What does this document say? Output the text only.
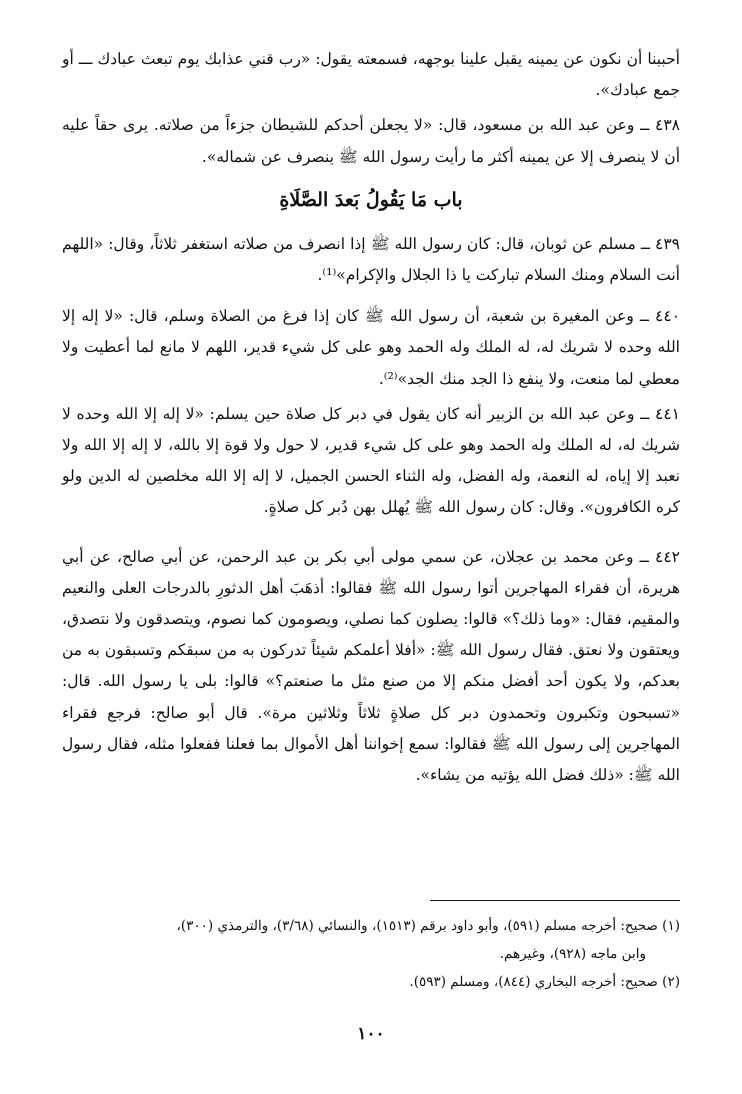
أحببنا أن نكون عن يمينه يقبل علينا بوجهه، فسمعته يقول: «رب قني عذابك يوم تبعث عبادك ـــ أو جمع عبادك».

٤٣٨ ــ وعن عبد الله بن مسعود، قال: «لا يجعلن أحدكم للشيطان جزءاً من صلاته. يرى حقاً عليه أن لا ينصرف إلا عن يمينه أكثر ما رأيت رسول الله ﷺ ينصرف عن شماله».

باب مَا يَقُولُ بَعدَ الصَّلَاةِ

٤٣٩ ــ مسلم عن ثوبان، قال: كان رسول الله ﷺ إذا انصرف من صلاته استغفر ثلاثاً، وقال: «اللهم أنت السلام ومنك السلام تباركت يا ذا الجلال والإكرام»⁽¹⁾.

٤٤٠ ــ وعن المغيرة بن شعبة، أن رسول الله ﷺ كان إذا فرغ من الصلاة وسلم، قال: «لا إله إلا الله وحده لا شريك له، له الملك وله الحمد وهو على كل شيء قدير، اللهم لا مانع لما أعطيت ولا معطي لما منعت، ولا ينفع ذا الجد منك الجد»⁽²⁾.

٤٤١ ــ وعن عبد الله بن الزبير أنه كان يقول في دبر كل صلاة حين يسلم: «لا إله إلا الله وحده لا شريك له، له الملك وله الحمد وهو على كل شيء قدير، لا حول ولا قوة إلا بالله، لا إله إلا الله ولا نعبد إلا إياه، له النعمة، وله الفضل، وله الثناء الحسن الجميل، لا إله إلا الله مخلصين له الدين ولو كره الكافرون». وقال: كان رسول الله ﷺ يُهلل بهن دُبر كل صلاةٍ.

٤٤٢ ــ وعن محمد بن عجلان، عن سمي مولى أبي بكر بن عبد الرحمن، عن أبي صالح، عن أبي هريرة، أن فقراء المهاجرين أتوا رسول الله ﷺ فقالوا: أذهَبَ أهل الدثورِ بالدرجات العلى والنعيم والمقيم، فقال: «وما ذلك؟» قالوا: يصلون كما نصلي، ويصومون كما نصوم، ويتصدقون ولا نتصدق، ويعتقون ولا نعتق. فقال رسول الله ﷺ: «أفلا أعلمكم شيئاً تدركون به من سبقكم وتسبقون به من بعدكم، ولا يكون أحد أفضل منكم إلا من صنع مثل ما صنعتم؟» قالوا: بلى يا رسول الله. قال: «تسبحون وتكبرون وتحمدون دبر كل صلاةٍ ثلاثاً وثلاثين مرة». قال أبو صالح: فرجع فقراء المهاجرين إلى رسول الله ﷺ فقالوا: سمع إخواننا أهل الأموال بما فعلنا ففعلوا مثله، فقال رسول الله ﷺ: «ذلك فضل الله يؤتيه من يشاء».

(١) صحيح: أخرجه مسلم (٥٩١)، وأبو داود برقم (١٥١٣)، والنسائي (٣/٦٨)، والترمذي (٣٠٠)،

وابن ماجه (٩٢٨)، وغيرهم.

(٢) صحيح: أخرجه البخاري (٨٤٤)، ومسلم (٥٩٣).

١٠٠
